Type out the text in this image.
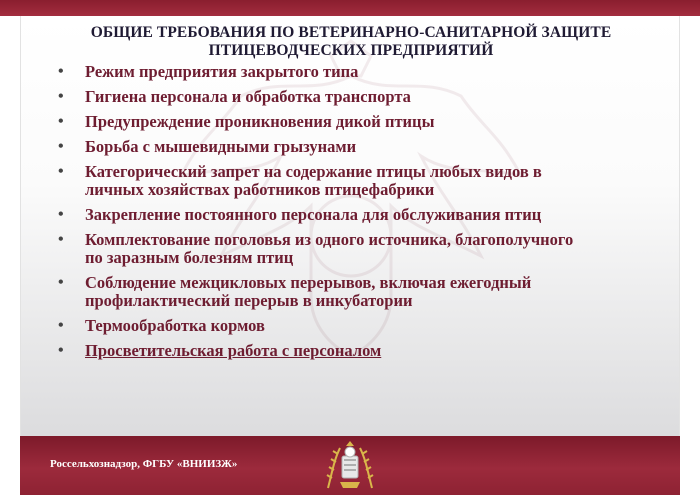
ОБЩИЕ ТРЕБОВАНИЯ ПО ВЕТЕРИНАРНО-САНИТАРНОЙ ЗАЩИТЕ
ПТИЦЕВОДЧЕСКИХ ПРЕДПРИЯТИЙ
• Режим предприятия закрытого типа
• Гигиена персонала и обработка транспорта
• Предупреждение проникновения дикой птицы
• Борьба с мышевидными грызунами
• Категорический запрет на содержание птицы любых видов в
личных хозяйствах работников птицефабрики
• Закрепление постоянного персонала для обслуживания птиц
• Комплектование поголовья из одного источника, благополучного
по заразным болезням птиц
• Соблюдение межцикловых перерывов, включая ежегодный
профилактический перерыв в инкубатории
• Термообработка кормов
• Просветительская работа с персоналом
Россельхознадзор, ФГБУ «ВНИИЗЖ»
